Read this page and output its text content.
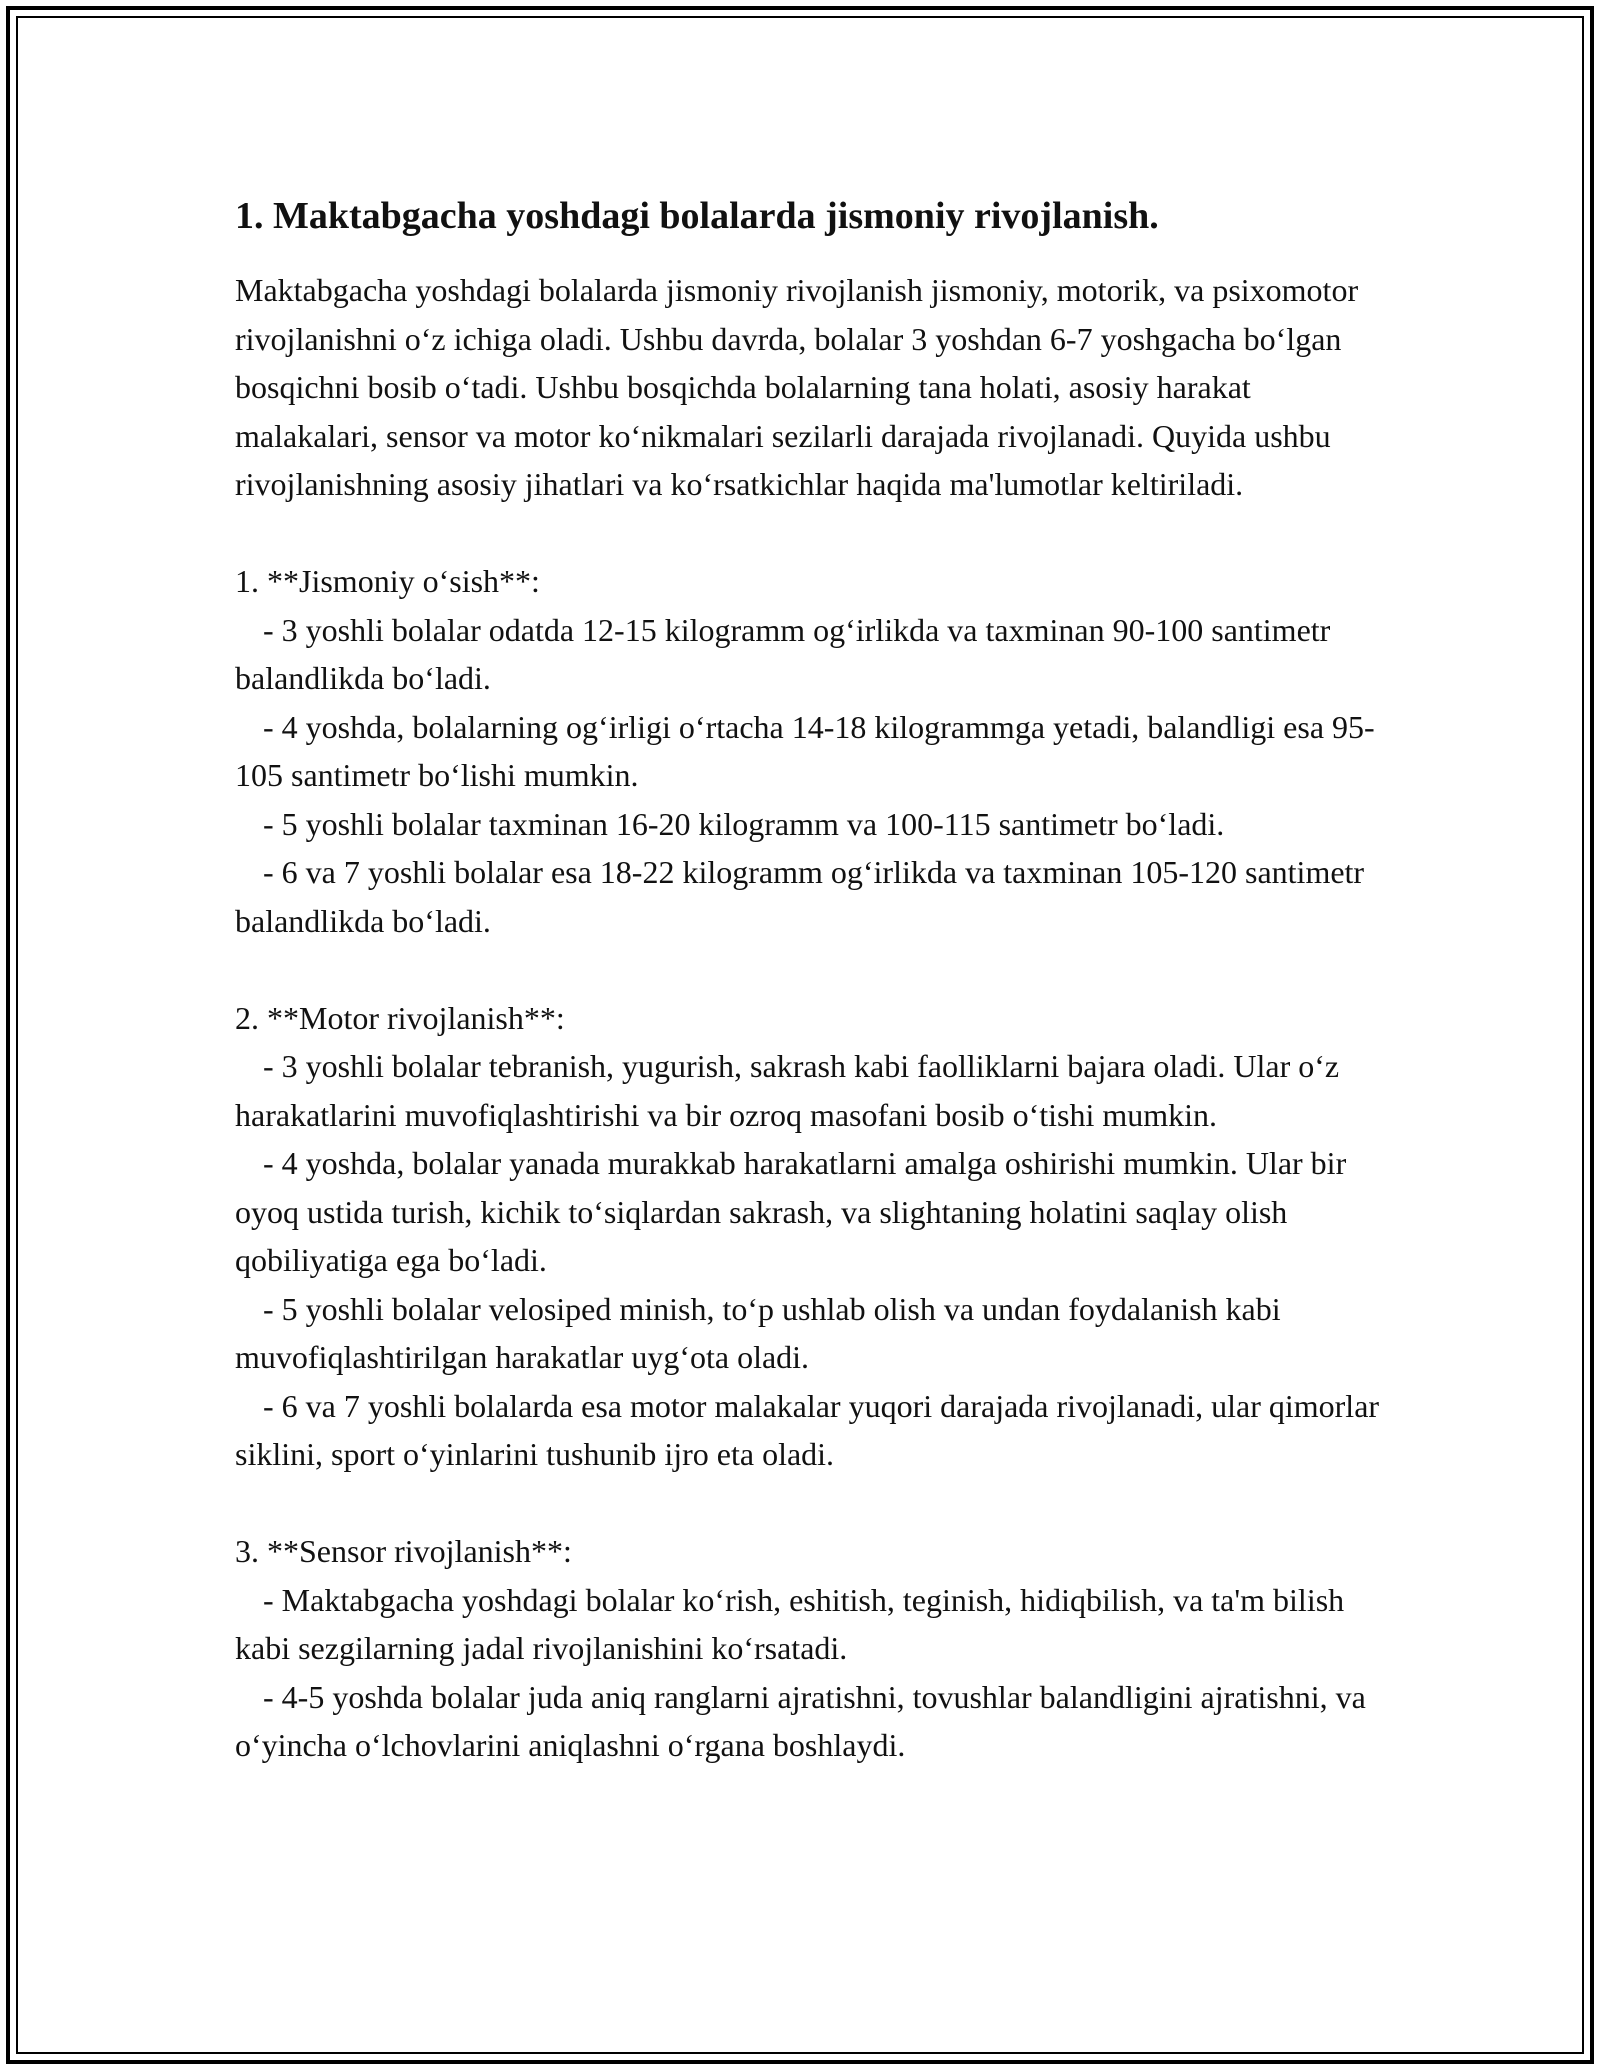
1. Maktabgacha yoshdagi bolalarda jismoniy rivojlanish.

Maktabgacha yoshdagi bolalarda jismoniy rivojlanish jismoniy, motorik, va psixomotor rivojlanishni o‘z ichiga oladi. Ushbu davrda, bolalar 3 yoshdan 6-7 yoshgacha bo‘lgan bosqichni bosib o‘tadi. Ushbu bosqichda bolalarning tana holati, asosiy harakat malakalari, sensor va motor ko‘nikmalari sezilarli darajada rivojlanadi. Quyida ushbu rivojlanishning asosiy jihatlari va ko‘rsatkichlar haqida ma'lumotlar keltiriladi.

1. **Jismoniy o‘sish**:
- 3 yoshli bolalar odatda 12-15 kilogramm og‘irlikda va taxminan 90-100 santimetr balandlikda bo‘ladi.
- 4 yoshda, bolalarning og‘irligi o‘rtacha 14-18 kilogrammga yetadi, balandligi esa 95-105 santimetr bo‘lishi mumkin.
- 5 yoshli bolalar taxminan 16-20 kilogramm va 100-115 santimetr bo‘ladi.
- 6 va 7 yoshli bolalar esa 18-22 kilogramm og‘irlikda va taxminan 105-120 santimetr balandlikda bo‘ladi.
2. **Motor rivojlanish**:
- 3 yoshli bolalar tebranish, yugurish, sakrash kabi faolliklarni bajara oladi. Ular o‘z harakatlarini muvofiqlashtirishi va bir ozroq masofani bosib o‘tishi mumkin.
- 4 yoshda, bolalar yanada murakkab harakatlarni amalga oshirishi mumkin. Ular bir oyoq ustida turish, kichik to‘siqlardan sakrash, va slightaning holatini saqlay olish qobiliyatiga ega bo‘ladi.
- 5 yoshli bolalar velosiped minish, to‘p ushlab olish va undan foydalanish kabi muvofiqlashtirilgan harakatlar uyg‘ota oladi.
- 6 va 7 yoshli bolalarda esa motor malakalar yuqori darajada rivojlanadi, ular qimorlar siklini, sport o‘yinlarini tushunib ijro eta oladi.
3. **Sensor rivojlanish**:
- Maktabgacha yoshdagi bolalar ko‘rish, eshitish, teginish, hidiqbilish, va ta'm bilish kabi sezgilarning jadal rivojlanishini ko‘rsatadi.
- 4-5 yoshda bolalar juda aniq ranglarni ajratishni, tovushlar balandligini ajratishni, va o‘yincha o‘lchovlarini aniqlashni o‘rgana boshlaydi.
